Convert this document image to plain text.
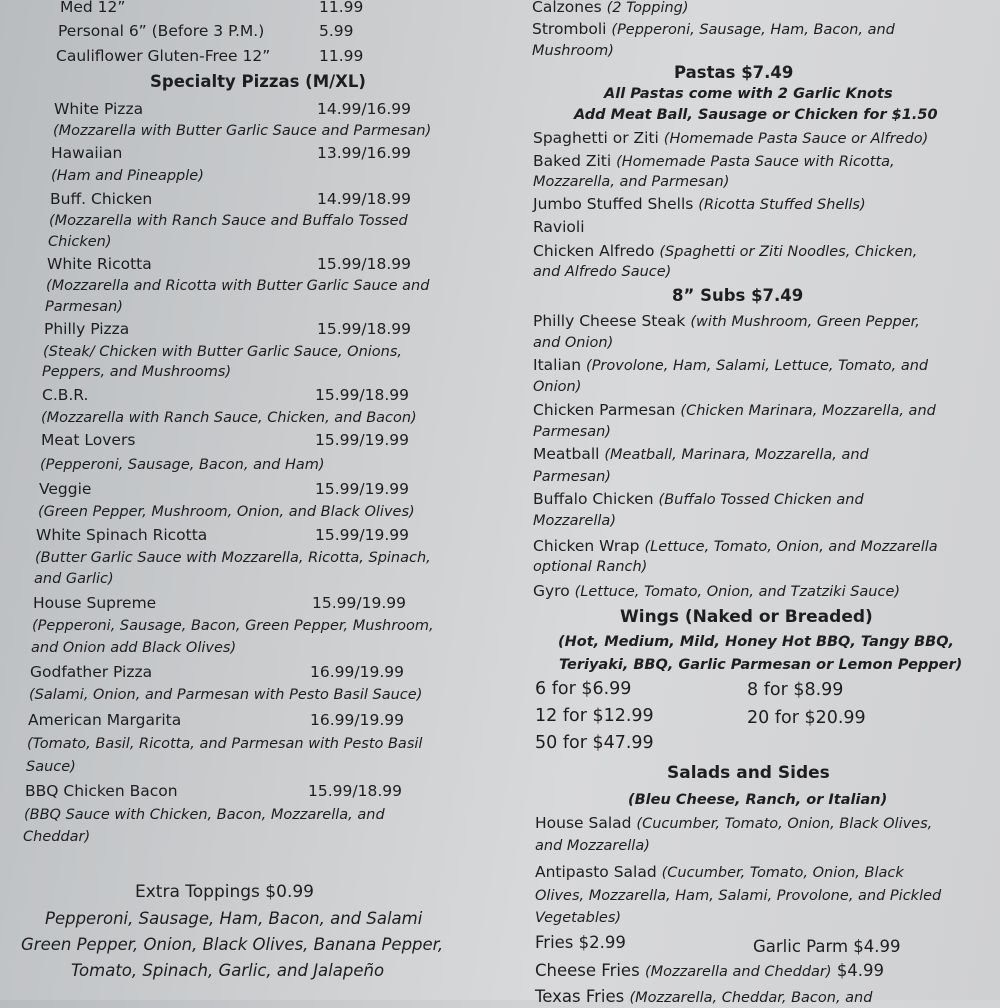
Med 12”	11.99
Personal 6” (Before 3 P.M.)	5.99
Cauliflower Gluten-Free 12”	11.99
Specialty Pizzas (M/XL)
White Pizza	14.99/16.99
(Mozzarella with Butter Garlic Sauce and Parmesan)
Hawaiian	13.99/16.99
(Ham and Pineapple)
Buff. Chicken	14.99/18.99
(Mozzarella with Ranch Sauce and Buffalo Tossed
Chicken)
White Ricotta	15.99/18.99
(Mozzarella and Ricotta with Butter Garlic Sauce and
Parmesan)
Philly Pizza	15.99/18.99
(Steak/ Chicken with Butter Garlic Sauce, Onions,
Peppers, and Mushrooms)
C.B.R.	15.99/18.99
(Mozzarella with Ranch Sauce, Chicken, and Bacon)
Meat Lovers	15.99/19.99
(Pepperoni, Sausage, Bacon, and Ham)
Veggie	15.99/19.99
(Green Pepper, Mushroom, Onion, and Black Olives)
White Spinach Ricotta	15.99/19.99
(Butter Garlic Sauce with Mozzarella, Ricotta, Spinach,
and Garlic)
House Supreme	15.99/19.99
(Pepperoni, Sausage, Bacon, Green Pepper, Mushroom,
and Onion add Black Olives)
Godfather Pizza	16.99/19.99
(Salami, Onion, and Parmesan with Pesto Basil Sauce)
American Margarita	16.99/19.99
(Tomato, Basil, Ricotta, and Parmesan with Pesto Basil
Sauce)
BBQ Chicken Bacon	15.99/18.99
(BBQ Sauce with Chicken, Bacon, Mozzarella, and
Cheddar)
Extra Toppings $0.99
Pepperoni, Sausage, Ham, Bacon, and Salami
Green Pepper, Onion, Black Olives, Banana Pepper,
Tomato, Spinach, Garlic, and Jalapeño
Calzones (2 Topping)
Stromboli (Pepperoni, Sausage, Ham, Bacon, and
Mushroom)
Pastas $7.49
All Pastas come with 2 Garlic Knots
Add Meat Ball, Sausage or Chicken for $1.50
Spaghetti or Ziti (Homemade Pasta Sauce or Alfredo)
Baked Ziti (Homemade Pasta Sauce with Ricotta,
Mozzarella, and Parmesan)
Jumbo Stuffed Shells (Ricotta Stuffed Shells)
Ravioli
Chicken Alfredo (Spaghetti or Ziti Noodles, Chicken,
and Alfredo Sauce)
8” Subs $7.49
Philly Cheese Steak (with Mushroom, Green Pepper,
and Onion)
Italian (Provolone, Ham, Salami, Lettuce, Tomato, and
Onion)
Chicken Parmesan (Chicken Marinara, Mozzarella, and
Parmesan)
Meatball (Meatball, Marinara, Mozzarella, and
Parmesan)
Buffalo Chicken (Buffalo Tossed Chicken and
Mozzarella)
Chicken Wrap (Lettuce, Tomato, Onion, and Mozzarella
optional Ranch)
Gyro (Lettuce, Tomato, Onion, and Tzatziki Sauce)
Wings (Naked or Breaded)
(Hot, Medium, Mild, Honey Hot BBQ, Tangy BBQ,
Teriyaki, BBQ, Garlic Parmesan or Lemon Pepper)
6 for $6.99	8 for $8.99
12 for $12.99	20 for $20.99
50 for $47.99
Salads and Sides
(Bleu Cheese, Ranch, or Italian)
House Salad (Cucumber, Tomato, Onion, Black Olives,
and Mozzarella)
Antipasto Salad (Cucumber, Tomato, Onion, Black
Olives, Mozzarella, Ham, Salami, Provolone, and Pickled
Vegetables)
Fries $2.99	Garlic Parm $4.99
Cheese Fries (Mozzarella and Cheddar) $4.99
Texas Fries (Mozzarella, Cheddar, Bacon, and
